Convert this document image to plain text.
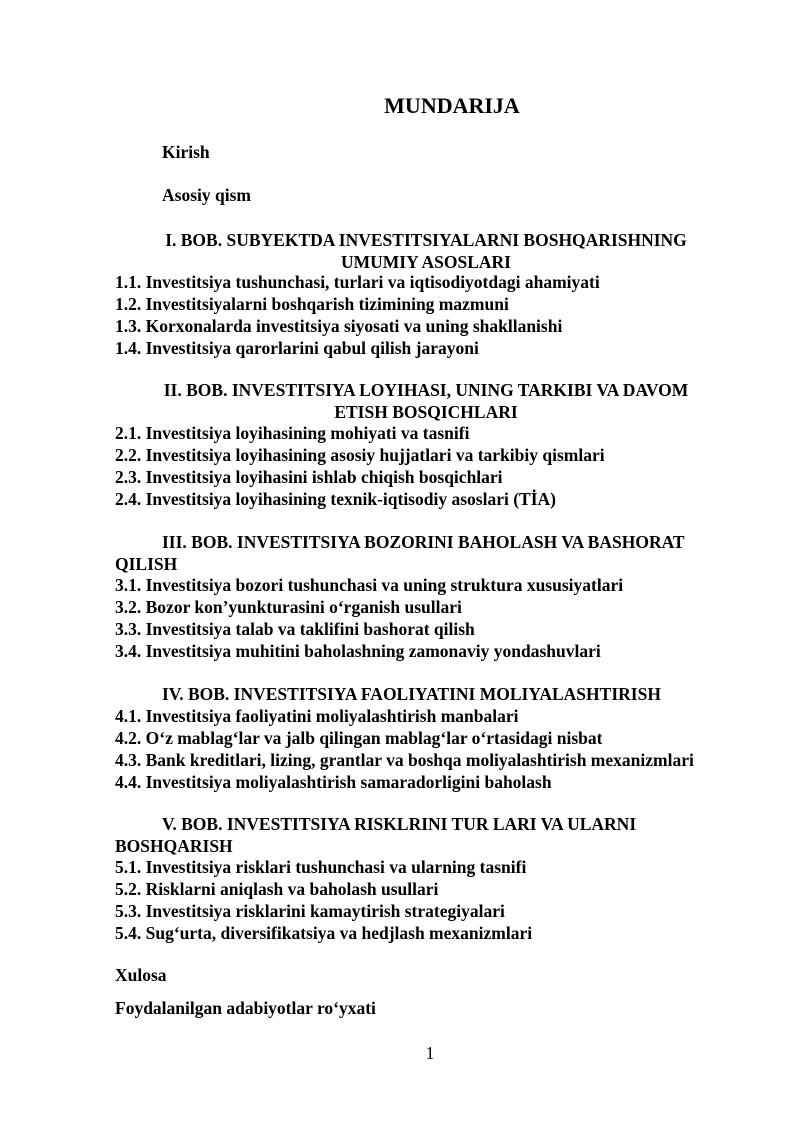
MUNDARIJA
Kirish
Asosiy qism
I. BOB. SUBYEKTDA INVESTITSIYALARNI BOSHQARISHNING
UMUMIY ASOSLARI
1.1. Investitsiya tushunchasi, turlari va iqtisodiyotdagi ahamiyati
1.2. Investitsiyalarni boshqarish tizimining mazmuni
1.3. Korxonalarda investitsiya siyosati va uning shakllanishi
1.4. Investitsiya qarorlarini qabul qilish jarayoni
II. BOB. INVESTITSIYA LOYIHASI, UNING TARKIBI VA DAVOM
ETISH BOSQICHLARI
2.1. Investitsiya loyihasining mohiyati va tasnifi
2.2. Investitsiya loyihasining asosiy hujjatlari va tarkibiy qismlari
2.3. Investitsiya loyihasini ishlab chiqish bosqichlari
2.4. Investitsiya loyihasining texnik-iqtisodiy asoslari (TİA)
III. BOB. INVESTITSIYA BOZORINI BAHOLASH VA BASHORAT
QILISH
3.1. Investitsiya bozori tushunchasi va uning struktura xususiyatlari
3.2. Bozor kon’yunkturasini o‘rganish usullari
3.3. Investitsiya talab va taklifini bashorat qilish
3.4. Investitsiya muhitini baholashning zamonaviy yondashuvlari
IV. BOB. INVESTITSIYA FAOLIYATINI MOLIYALASHTIRISH
4.1. Investitsiya faoliyatini moliyalashtirish manbalari
4.2. O‘z mablag‘lar va jalb qilingan mablag‘lar o‘rtasidagi nisbat
4.3. Bank kreditlari, lizing, grantlar va boshqa moliyalashtirish mexanizmlari
4.4. Investitsiya moliyalashtirish samaradorligini baholash
V. BOB. INVESTITSIYA RISKLRINI TUR LARI VA ULARNI
BOSHQARISH
5.1. Investitsiya risklari tushunchasi va ularning tasnifi
5.2. Risklarni aniqlash va baholash usullari
5.3. Investitsiya risklarini kamaytirish strategiyalari
5.4. Sug‘urta, diversifikatsiya va hedjlash mexanizmlari
Xulosa
Foydalanilgan adabiyotlar ro‘yxati
1
